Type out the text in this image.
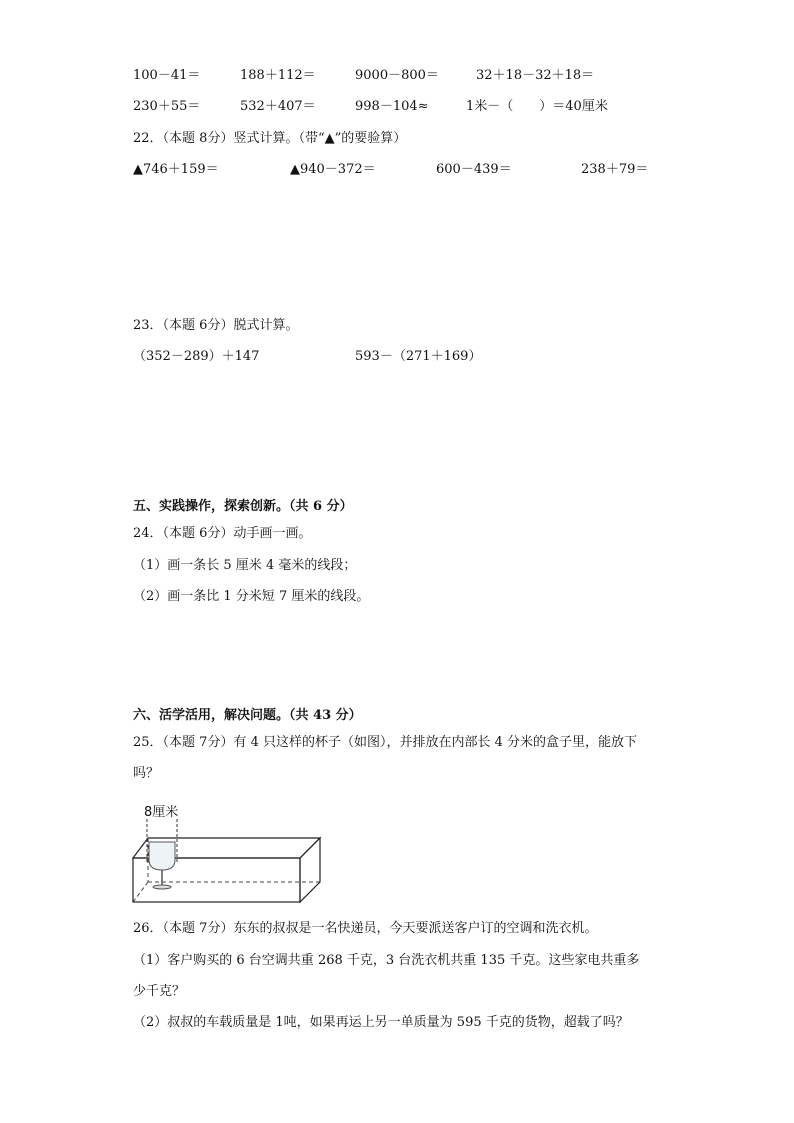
100－41＝	188＋112＝	9000－800＝	32＋18－32＋18＝
230＋55＝	532＋407＝	998－104≈	1米－（　　）＝40厘米
22．（本题 8分）竖式计算。（带“▲”的要验算）
▲746＋159＝	▲940－372＝	600－439＝	238＋79＝
23．（本题 6分）脱式计算。
（352－289）＋147	593－（271＋169）
五、实践操作，探索创新。（共 6 分）
24．（本题 6分）动手画一画。
（1）画一条长 5 厘米 4 毫米的线段；
（2）画一条比 1 分米短 7 厘米的线段。
六、活学活用，解决问题。（共 43 分）
25．（本题 7分）有 4 只这样的杯子（如图），并排放在内部长 4 分米的盒子里，能放下
吗？
8厘米
26．（本题 7分）东东的叔叔是一名快递员，今天要派送客户订的空调和洗衣机。
（1）客户购买的 6 台空调共重 268 千克，3 台洗衣机共重 135 千克。这些家电共重多
少千克？
（2）叔叔的车载质量是 1吨，如果再运上另一单质量为 595 千克的货物，超载了吗？
